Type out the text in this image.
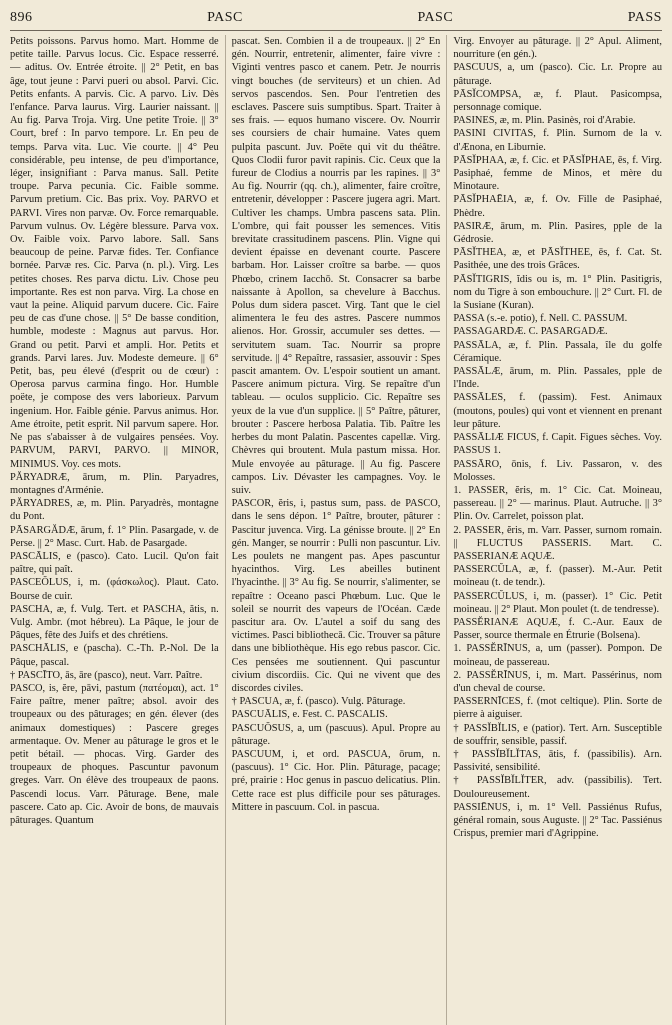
896	PASC	PASC	PASS

Petits poissons. Parvus homo. Mart. Homme de petite taille. Parvus locus. Cic. Espace resserré. — aditus. Ov. Entrée étroite. || 2° Petit, en bas âge, tout jeune : Parvi pueri ou absol. Parvi. Cic. Petits enfants. A parvis. Cic. A parvo. Liv. Dès l'enfance. Parva laurus. Virg. Laurier naissant. || Au fig. Parva Troja. Virg. Une petite Troie. || 3° Court, bref : In parvo tempore. Lr. En peu de temps. Parva vita. Luc. Vie courte. || 4° Peu considérable, peu intense, de peu d'importance, léger, insignifiant : Parva manus. Sall. Petite troupe. Parva pecunia. Cic. Faible somme. Parvum pretium. Cic. Bas prix. Voy. PARVO et PARVI. Vires non parvæ. Ov. Force remarquable. Parvum vulnus. Ov. Légère blessure. Parva vox. Ov. Faible voix. Parvo labore. Sall. Sans beaucoup de peine. Parvæ fides. Ter. Confiance bornée. Parvæ res. Cic. Parva (n. pl.). Virg. Les petites choses. Res parva dictu. Liv. Chose peu importante. Res est non parva. Virg. La chose en vaut la peine. Aliquid parvum ducere. Cic. Faire peu de cas d'une chose. || 5° De basse condition, humble, modeste : Magnus aut parvus. Hor. Grand ou petit. Parvi et ampli. Hor. Petits et grands. Parvi lares. Juv. Modeste demeure. || 6° Petit, bas, peu élevé (d'esprit ou de cœur) : Operosa parvus carmina fingo. Hor. Humble poëte, je compose des vers laborieux. Parvum ingenium. Hor. Faible génie. Parvus animus. Hor. Ame étroite, petit esprit. Nil parvum sapere. Hor. Ne pas s'abaisser à de vulgaires pensées. Voy. PARVUM, PARVI, PARVO. || MINOR, MINIMUS. Voy. ces mots.

PĂRYADRÆ, ārum, m. Plin. Paryadres, montagnes d'Arménie.

PĂRYADRES, æ, m. Plin. Paryadrès, montagne du Pont.

PĀSARGĂDÆ, ārum, f. 1° Plin. Pasargade, v. de Perse. || 2° Masc. Curt. Hab. de Pasargade.

PASCĀLIS, e (pasco). Cato. Lucil. Qu'on fait paître, qui paît.

PASCEŎLUS, i, m. (φάσκωλος). Plaut. Cato. Bourse de cuir.

PASCHA, æ, f. Vulg. Tert. et PASCHA, ătis, n. Vulg. Ambr. (mot hébreu). La Pâque, le jour de Pâques, fête des Juifs et des chrétiens.

PASCHĀLIS, e (pascha). C.-Th. P.-Nol. De la Pâque, pascal.

† PASCĪTO, ās, āre (pasco), neut. Varr. Paître.

PASCO, is, ĕre, pāvi, pastum (πατέομαι), act. 1° Faire paître, mener paître; absol. avoir des troupeaux ou des pâturages; en gén. élever (des animaux domestiques) : Pascere greges armentaque. Ov. Mener au pâturage le gros et le petit bétail. — phocas. Virg. Garder des troupeaux de phoques. Pascuntur pavonum greges. Varr. On élève des troupeaux de paons. Pascendi locus. Varr. Pâturage. Bene, male pascere. Cato ap. Cic. Avoir de bons, de mauvais pâturages. Quantum

pascat. Sen. Combien il a de troupeaux. || 2° En gén. Nourrir, entretenir, alimenter, faire vivre : Viginti ventres pasco et canem. Petr. Je nourris vingt bouches (de serviteurs) et un chien. Ad servos pascendos. Sen. Pour l'entretien des esclaves. Pascere suis sumptibus. Spart. Traiter à ses frais. — equos humano viscere. Ov. Nourrir ses coursiers de chair humaine. Vates quem pulpita pascunt. Juv. Poëte qui vit du théâtre. Quos Clodii furor pavit rapinis. Cic. Ceux que la fureur de Clodius a nourris par les rapines. || 3° Au fig. Nourrir (qq. ch.), alimenter, faire croître, entretenir, développer : Pascere jugera agri. Mart. Cultiver les champs. Umbra pascens sata. Plin. L'ombre, qui fait pousser les semences. Vitis brevitate crassitudinem pascens. Plin. Vigne qui devient épaisse en devenant courte. Pascere barbam. Hor. Laisser croître sa barbe. — quos Phœbo, crinem Iacchō. St. Consacrer sa barbe naissante à Apollon, sa chevelure à Bacchus. Polus dum sidera pascet. Virg. Tant que le ciel alimentera le feu des astres. Pascere nummos alienos. Hor. Grossir, accumuler ses dettes. — servitutem suam. Tac. Nourrir sa propre servitude. || 4° Repaître, rassasier, assouvir : Spes pascit amantem. Ov. L'espoir soutient un amant. Pascere animum pictura. Virg. Se repaître d'un tableau. — oculos supplicio. Cic. Repaître ses yeux de la vue d'un supplice. || 5° Paître, pâturer, brouter : Pascere herbosa Palatia. Tib. Paître les herbes du mont Palatin. Pascentes capellæ. Virg. Chèvres qui broutent. Mula pastum missa. Hor. Mule envoyée au pâturage. || Au fig. Pascere campos. Liv. Dévaster les campagnes. Voy. le suiv.

PASCOR, ĕris, i, pastus sum, pass. de PASCO, dans le sens dépon. 1° Paître, brouter, pâturer : Pascitur juvenca. Virg. La génisse broute. || 2° En gén. Manger, se nourrir : Pulli non pascuntur. Liv. Les poulets ne mangent pas. Apes pascuntur hyacinthos. Virg. Les abeilles butinent l'hyacinthe. || 3° Au fig. Se nourrir, s'alimenter, se repaître : Oceano pasci Phœbum. Luc. Que le soleil se nourrit des vapeurs de l'Océan. Cæde pascitur ara. Ov. L'autel a soif du sang des victimes. Pasci bibliothecā. Cic. Trouver sa pâture dans une bibliothèque. His ego rebus pascor. Cic. Ces pensées me soutiennent. Qui pascuntur civium discordiis. Cic. Qui ne vivent que des discordes civiles.

† PASCUA, æ, f. (pasco). Vulg. Pâturage.

PASCUĀLIS, e. Fest. C. PASCALIS.

PASCUŎSUS, a, um (pascuus). Apul. Propre au pâturage.

PASCUUM, i, et ord. PASCUA, ōrum, n. (pascuus). 1° Cic. Hor. Plin. Pâturage, pacage; pré, prairie : Hoc genus in pascuo delicatius. Plin. Cette race est plus difficile pour ses pâturages. Mittere in pascuum. Col. in pascua.

Virg. Envoyer au pâturage. || 2° Apul. Aliment, nourriture (en gén.).

PASCUUS, a, um (pasco). Cic. Lr. Propre au pâturage.

PĀSĬCOMPSA, æ, f. Plaut. Pasicompsa, personnage comique.

PASINES, æ, m. Plin. Pasinès, roi d'Arabie.

PASINI CIVITAS, f. Plin. Surnom de la v. d'Ænona, en Liburnie.

PĀSĬPHAA, æ, f. Cic. et PĀSĬPHAE, ēs, f. Virg. Pasiphaé, femme de Minos, et mère du Minotaure.

PĀSĬPHAĒIA, æ, f. Ov. Fille de Pasiphaé, Phèdre.

PASIRÆ, ārum, m. Plin. Pasires, pple de la Gédrosie.

PĀSĬTHEA, æ, et PĀSĬTHEE, ēs, f. Cat. St. Pasithée, une des trois Grâces.

PĀSĬTIGRIS, ĭdis ou is, m. 1° Plin. Pasitigris, nom du Tigre à son embouchure. || 2° Curt. Fl. de la Susiane (Kuran).

PASSA (s.-e. potio), f. Nell. C. PASSUM.

PASSAGARDÆ. C. PASARGADÆ.

PASSĀLA, æ, f. Plin. Passala, île du golfe Céramique.

PASSĀLÆ, ārum, m. Plin. Passales, pple de l'Inde.

PASSĀLES, f. (passim). Fest. Animaux (moutons, poules) qui vont et viennent en prenant leur pâture.

PASSĀLIÆ FICUS, f. Capit. Figues sèches. Voy. PASSUS 1.

PASSĀRO, ōnis, f. Liv. Passaron, v. des Molosses.

1. PASSER, ĕris, m. 1° Cic. Cat. Moineau, passereau. || 2° — marinus. Plaut. Autruche. || 3° Plin. Ov. Carrelet, poisson plat.

2. PASSER, ĕris, m. Varr. Passer, surnom romain. || FLUCTUS PASSERIS. Mart. C. PASSERIANÆ AQUÆ.

PASSERCŬLA, æ, f. (passer). M.-Aur. Petit moineau (t. de tendr.).

PASSERCŬLUS, i, m. (passer). 1° Cic. Petit moineau. || 2° Plaut. Mon poulet (t. de tendresse).

PASSĔRIANÆ AQUÆ, f. C.-Aur. Eaux de Passer, source thermale en Étrurie (Bolsena).

1. PASSĔRĪNUS, a, um (passer). Pompon. De moineau, de passereau.

2. PASSĔRĪNUS, i, m. Mart. Passérinus, nom d'un cheval de course.

PASSERNĪCES, f. (mot celtique). Plin. Sorte de pierre à aiguiser.

† PASSĬBĬLIS, e (patior). Tert. Arn. Susceptible de souffrir, sensible, passif.

† PASSĬBĬLĬTAS, ātis, f. (passibilis). Arn. Passivité, sensibilité.

† PASSĬBĬLĬTER, adv. (passibilis). Tert. Douloureusement.

PASSIĒNUS, i, m. 1° Vell. Passiénus Rufus, général romain, sous Auguste. || 2° Tac. Passiénus Crispus, premier mari d'Agrippine.
